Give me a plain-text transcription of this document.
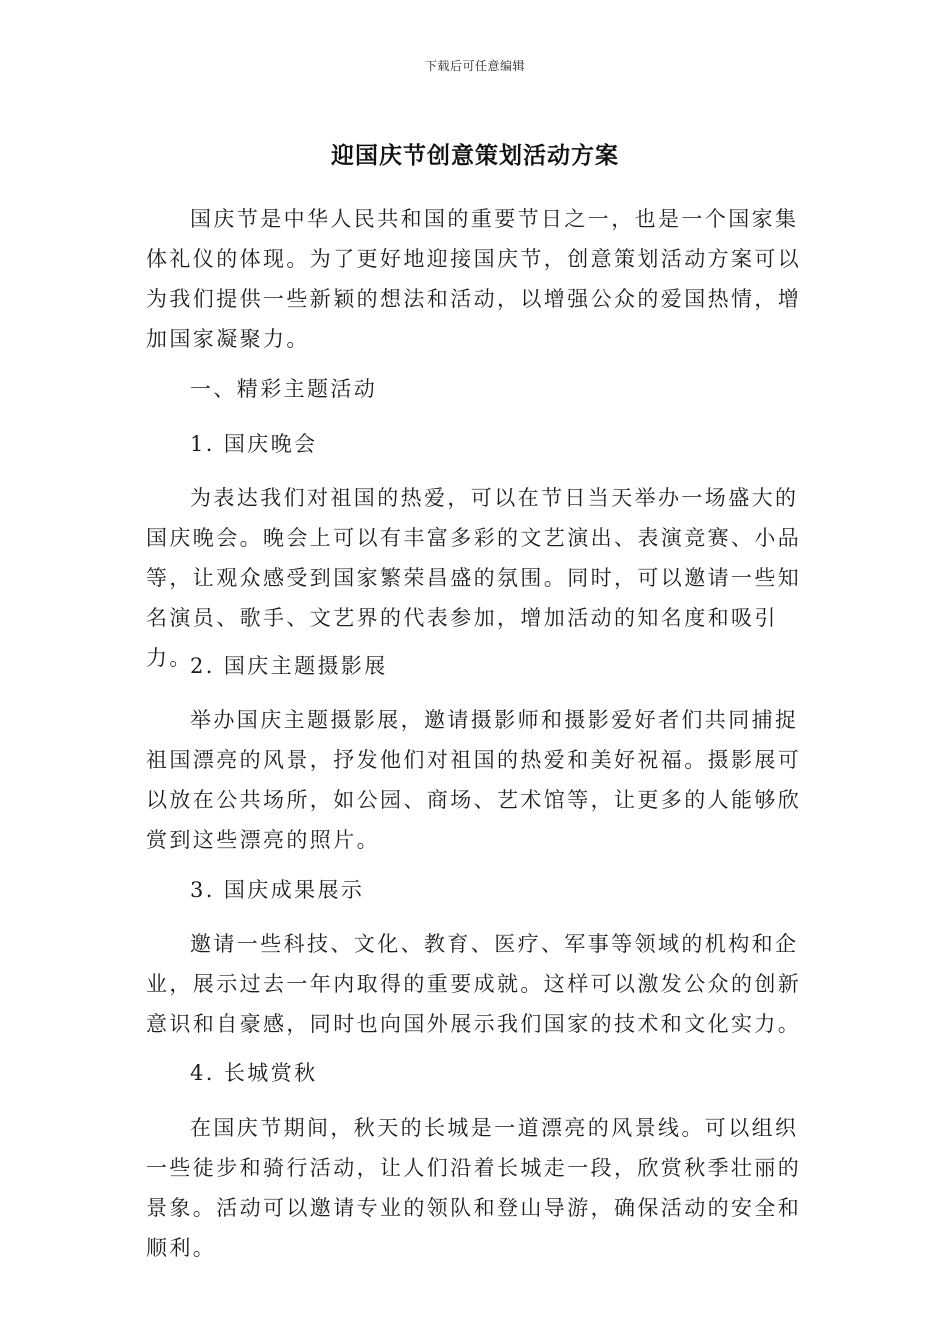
下载后可任意编辑
迎国庆节创意策划活动方案

国庆节是中华人民共和国的重要节日之一，也是一个国家集体礼仪的体现。为了更好地迎接国庆节，创意策划活动方案可以为我们提供一些新颖的想法和活动，以增强公众的爱国热情，增加国家凝聚力。

一、精彩主题活动

1. 国庆晚会

为表达我们对祖国的热爱，可以在节日当天举办一场盛大的国庆晚会。晚会上可以有丰富多彩的文艺演出、表演竞赛、小品等，让观众感受到国家繁荣昌盛的氛围。同时，可以邀请一些知名演员、歌手、文艺界的代表参加，增加活动的知名度和吸引力。

2. 国庆主题摄影展

举办国庆主题摄影展，邀请摄影师和摄影爱好者们共同捕捉祖国漂亮的风景，抒发他们对祖国的热爱和美好祝福。摄影展可以放在公共场所，如公园、商场、艺术馆等，让更多的人能够欣赏到这些漂亮的照片。

3. 国庆成果展示

邀请一些科技、文化、教育、医疗、军事等领域的机构和企业，展示过去一年内取得的重要成就。这样可以激发公众的创新意识和自豪感，同时也向国外展示我们国家的技术和文化实力。

4. 长城赏秋

在国庆节期间，秋天的长城是一道漂亮的风景线。可以组织一些徒步和骑行活动，让人们沿着长城走一段，欣赏秋季壮丽的景象。活动可以邀请专业的领队和登山导游，确保活动的安全和顺利。
